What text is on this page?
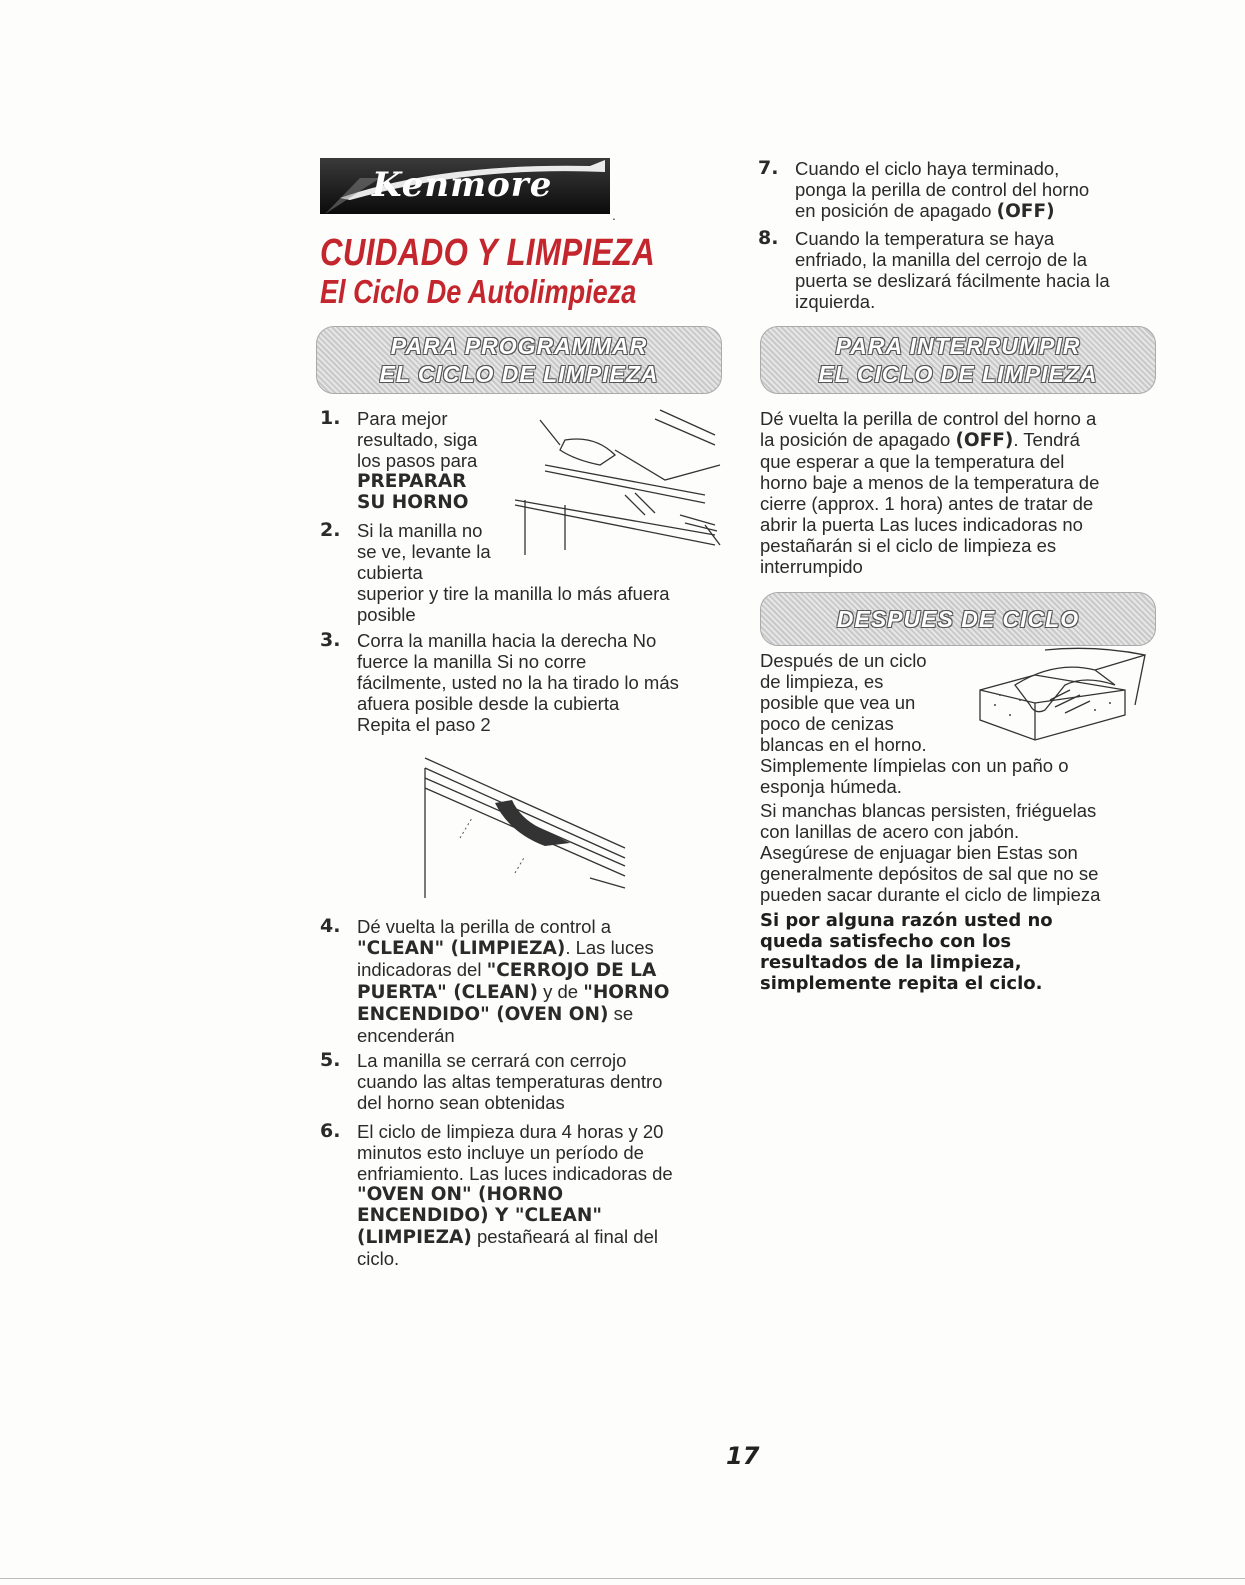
Kenmore
.
CUIDADO Y LIMPIEZA
El Ciclo De Autolimpieza
PARA PROGRAMMAR
EL CICLO DE LIMPIEZA
PARA INTERRUMPIR
EL CICLO DE LIMPIEZA
DESPUES DE CICLO
1. Para mejor
resultado, siga
los pasos para
PREPARAR
SU HORNO
2. Si la manilla no
se ve, levante la
cubierta
superior y tire la manilla lo más afuera
posible
3. Corra la manilla hacia la derecha No
fuerce la manilla Si no corre
fácilmente, usted no la ha tirado lo más
afuera posible desde la cubierta
Repita el paso 2
4. Dé vuelta la perilla de control a
"CLEAN" (LIMPIEZA). Las luces
indicadoras del "CERROJO DE LA
PUERTA" (CLEAN) y de "HORNO
ENCENDIDO" (OVEN ON) se
encenderán
5. La manilla se cerrará con cerrojo
cuando las altas temperaturas dentro
del horno sean obtenidas
6. El ciclo de limpieza dura 4 horas y 20
minutos esto incluye un período de
enfriamiento. Las luces indicadoras de
"OVEN ON" (HORNO
ENCENDIDO) Y "CLEAN"
(LIMPIEZA) pestañeará al final del
ciclo.
7. Cuando el ciclo haya terminado,
ponga la perilla de control del horno
en posición de apagado (OFF)
8. Cuando la temperatura se haya
enfriado, la manilla del cerrojo de la
puerta se deslizará fácilmente hacia la
izquierda.
Dé vuelta la perilla de control del horno a
la posición de apagado (OFF). Tendrá
que esperar a que la temperatura del
horno baje a menos de la temperatura de
cierre (approx. 1 hora) antes de tratar de
abrir la puerta Las luces indicadoras no
pestañarán si el ciclo de limpieza es
interrumpido
Después de un ciclo
de limpieza, es
posible que vea un
poco de cenizas
blancas en el horno.
Simplemente límpielas con un paño o
esponja húmeda.
Si manchas blancas persisten, friéguelas
con lanillas de acero con jabón.
Asegúrese de enjuagar bien Estas son
generalmente depósitos de sal que no se
pueden sacar durante el ciclo de limpieza
Si por alguna razón usted no
queda satisfecho con los
resultados de la limpieza,
simplemente repita el ciclo.
17
